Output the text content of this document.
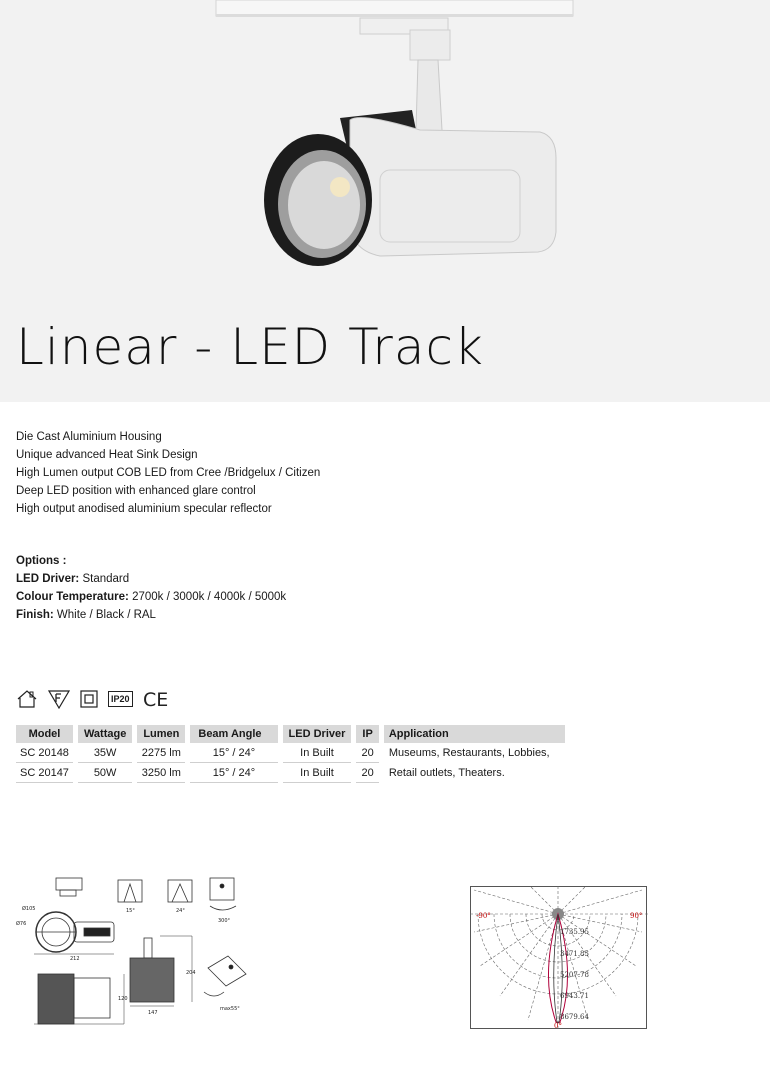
Linear - LED Track
Die Cast Aluminium Housing
Unique advanced Heat Sink Design
High Lumen output COB LED from Cree /Bridgelux / Citizen
Deep LED position with enhanced glare control
High output anodised aluminium specular reflector
Options :
LED Driver: Standard
Colour Temperature: 2700k / 3000k / 4000k / 5000k
Finish: White / Black / RAL
IP20 CE
Model	Wattage	Lumen	Beam Angle	LED Driver	IP	Application
SC 20148	35W	2275 lm	15° / 24°	In Built	20	Museums, Restaurants, Lobbies,
SC 20147	50W	3250 lm	15° / 24°	In Built	20	Retail outlets, Theaters.
Ø105
Ø76
212
15°	24°
300°
204
120
147
max55°
-90°	90°
0°
1735.95
3471.85
5207.78
6943.71
8679.64
